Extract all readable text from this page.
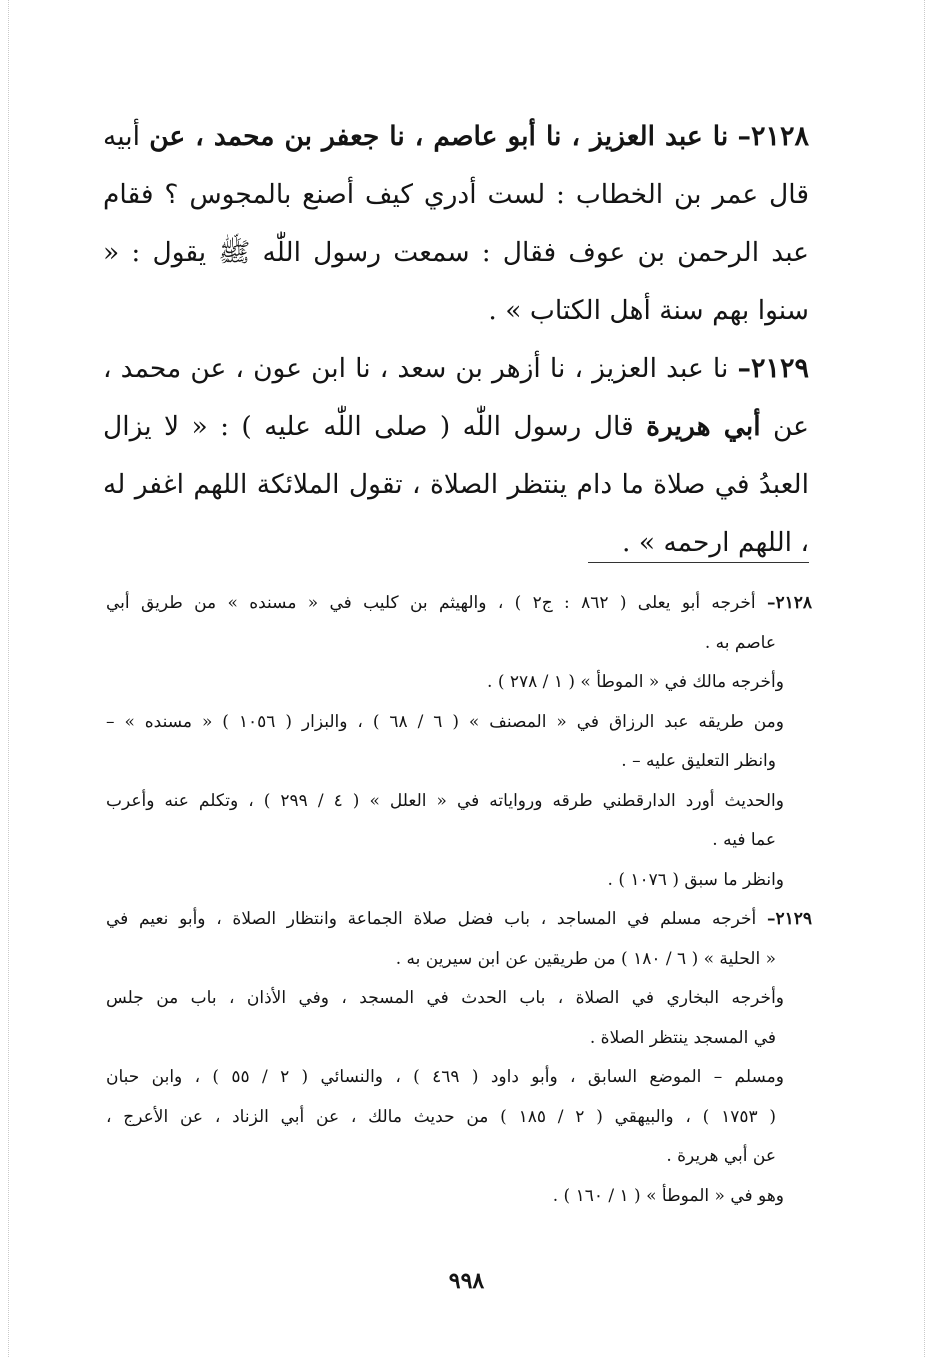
٢١٢٨– نا عبد العزيز ، نا أبو عاصم ، نا جعفر بن محمد ، عن أبيه قال عمر بن الخطاب : لست أدري كيف أصنع بالمجوس ؟ فقام عبد الرحمن بن عوف فقال : سمعت رسول اللّٰه ﷺ يقول : « سنوا بهم سنة أهل الكتاب » .

٢١٢٩– نا عبد العزيز ، نا أزهر بن سعد ، نا ابن عون ، عن محمد ، عن أبي هريرة قال رسول اللّٰه ( صلى اللّٰه عليه ) : « لا يزال العبدُ في صلاة ما دام ينتظر الصلاة ، تقول الملائكة اللهم اغفر له ، اللهم ارحمه » .

٢١٢٨– أخرجه أبو يعلى ( ٨٦٢ : ج٢ ) ، والهيثم بن كليب في « مسنده » من طريق أبي
عاصم به .
وأخرجه مالك في « الموطأ » ( ١ / ٢٧٨ ) .
ومن طريقه عبد الرزاق في « المصنف » ( ٦ / ٦٨ ) ، والبزار ( ١٠٥٦ ) « مسنده » –
وانظر التعليق عليه – .
والحديث أورد الدارقطني طرقه ورواياته في « العلل » ( ٤ / ٢٩٩ ) ، وتكلم عنه وأعرب
عما فيه .
وانظر ما سبق ( ١٠٧٦ ) .
٢١٢٩– أخرجه مسلم في المساجد ، باب فضل صلاة الجماعة وانتظار الصلاة ، وأبو نعيم في
« الحلية » ( ٦ / ١٨٠ ) من طريقين عن ابن سيرين به .
وأخرجه البخاري في الصلاة ، باب الحدث في المسجد ، وفي الأذان ، باب من جلس
في المسجد ينتظر الصلاة .
ومسلم – الموضع السابق ، وأبو داود ( ٤٦٩ ) ، والنسائي ( ٢ / ٥٥ ) ، وابن حبان
( ١٧٥٣ ) ، والبيهقي ( ٢ / ١٨٥ ) من حديث مالك ، عن أبي الزناد ، عن الأعرج ،
عن أبي هريرة .
وهو في « الموطأ » ( ١ / ١٦٠ ) .
٩٩٨
